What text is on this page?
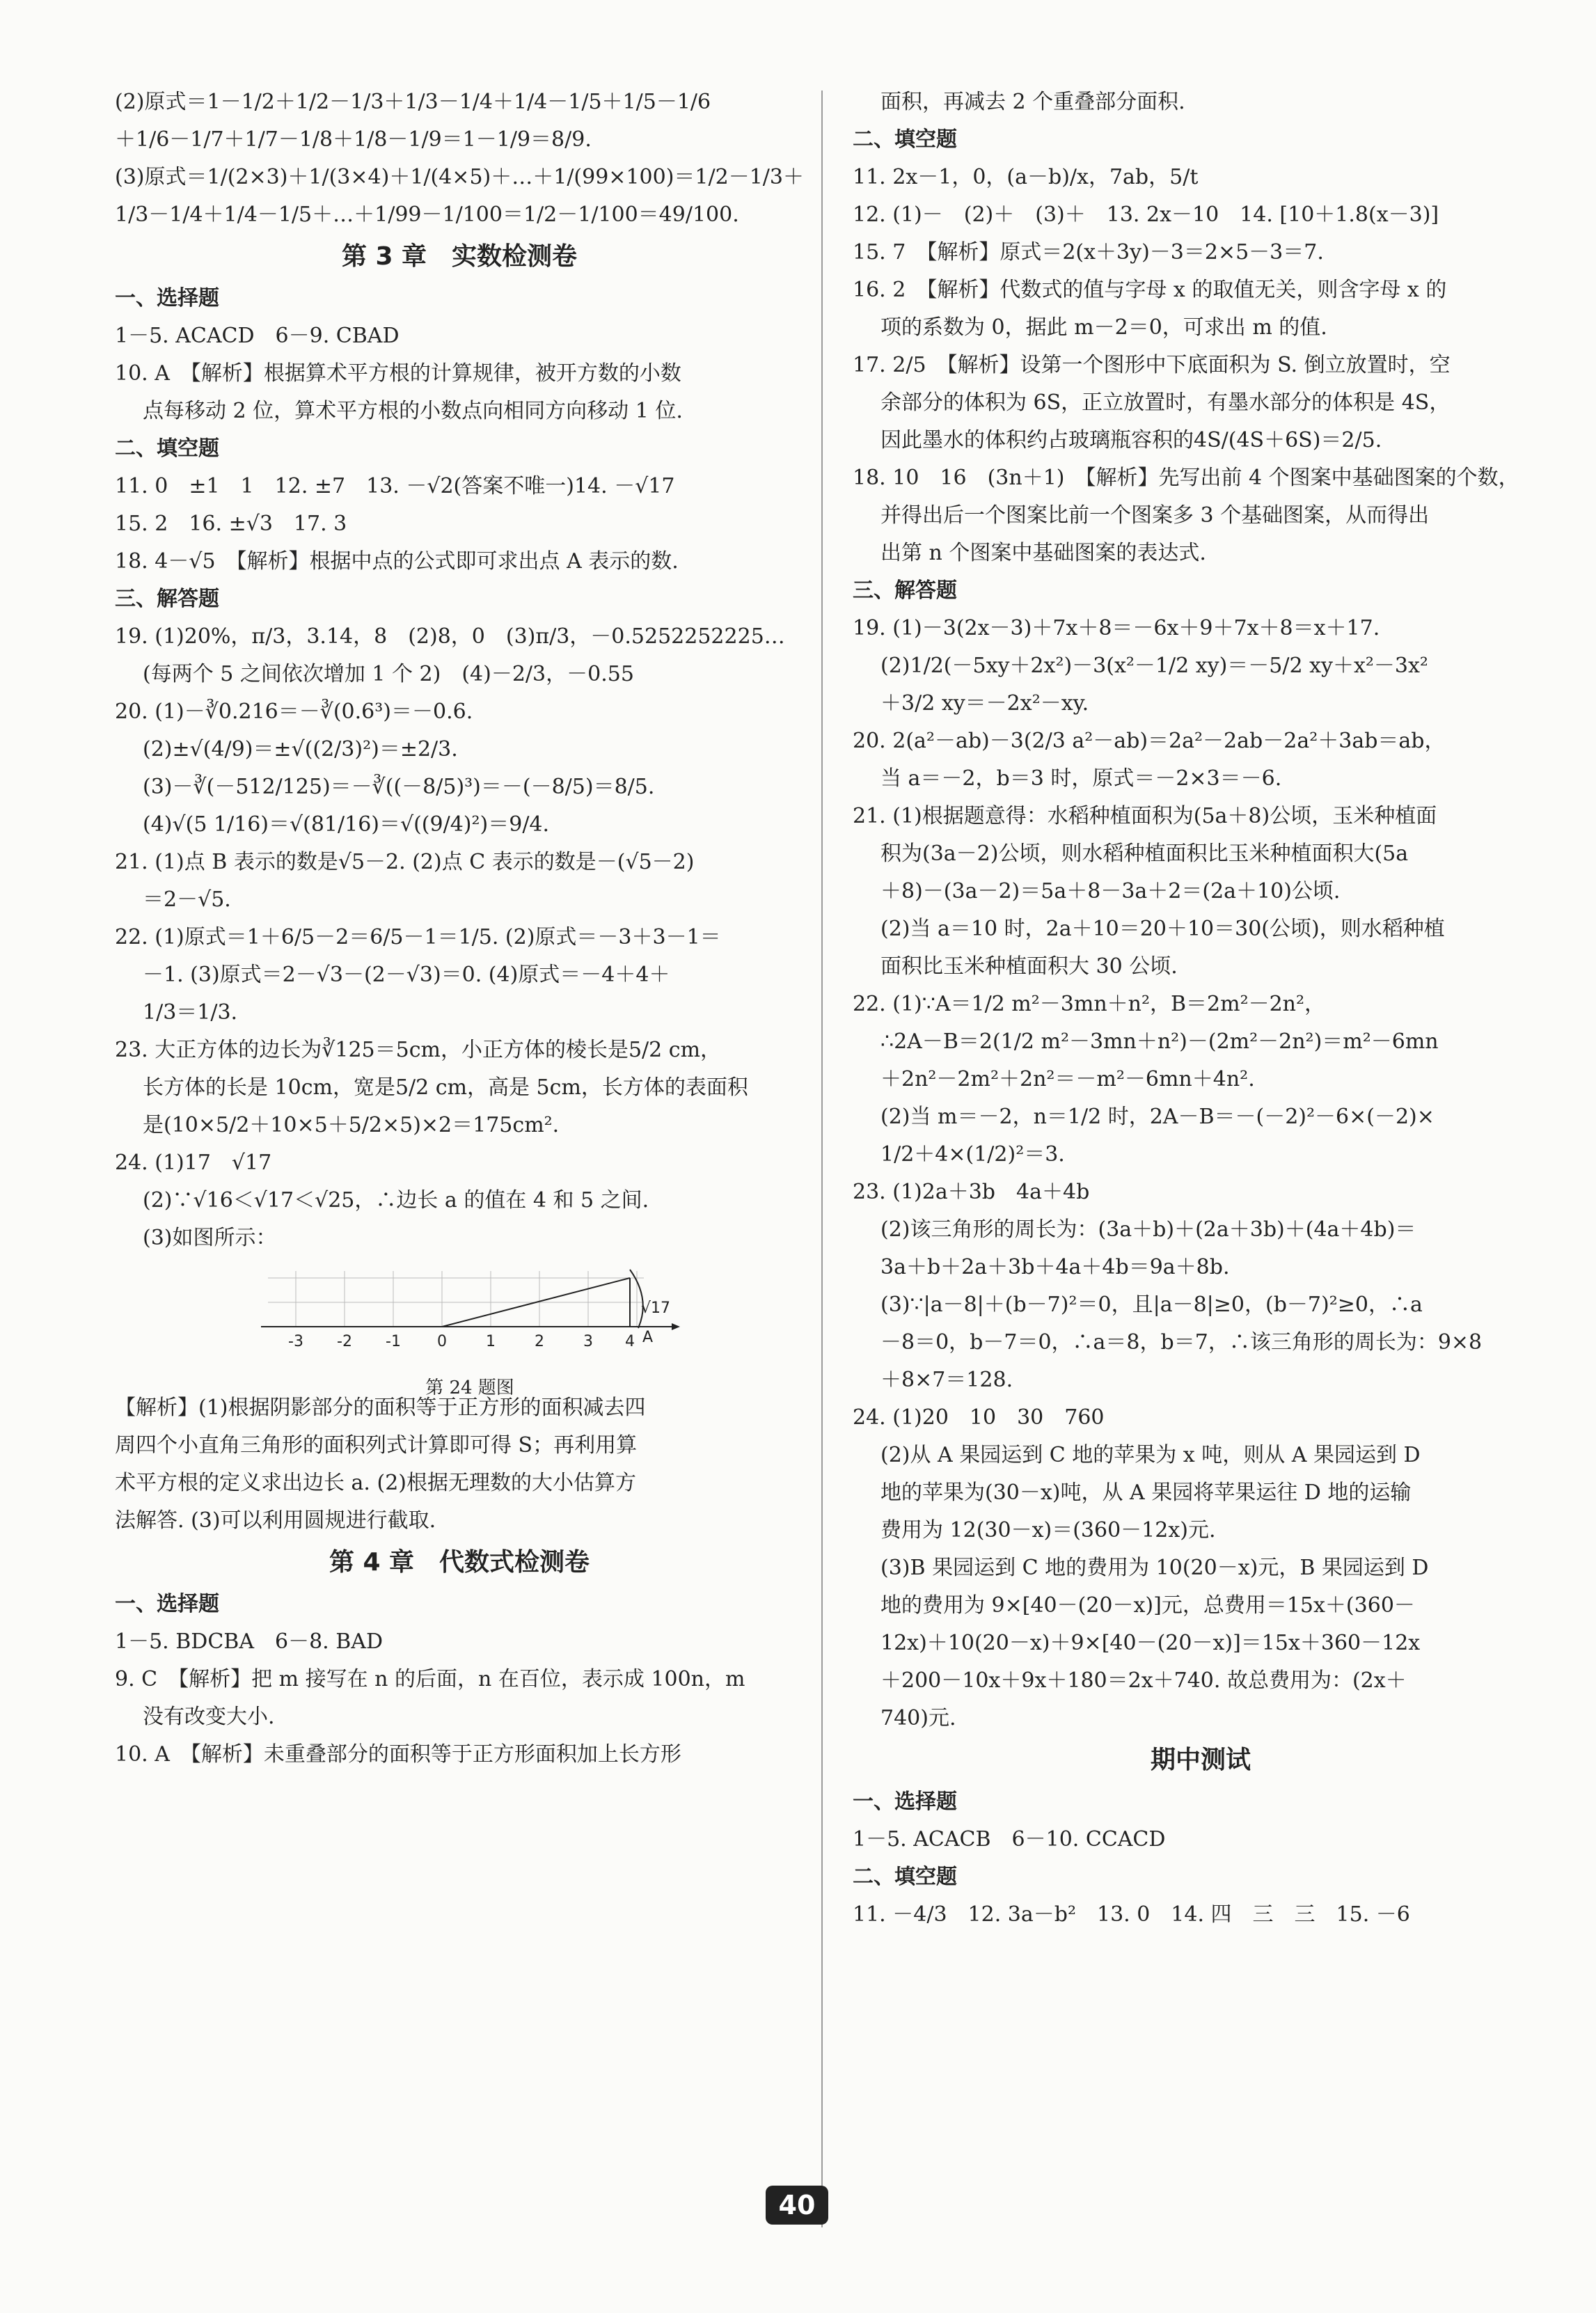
(2)原式＝1－1/2＋1/2－1/3＋1/3－1/4＋1/4－1/5＋1/5－1/6
＋1/6－1/7＋1/7－1/8＋1/8－1/9＝1－1/9＝8/9.
(3)原式＝1/(2×3)＋1/(3×4)＋1/(4×5)＋…＋1/(99×100)＝1/2－1/3＋
1/3－1/4＋1/4－1/5＋…＋1/99－1/100＝1/2－1/100＝49/100.
第 3 章　实数检测卷
一、选择题
1－5. ACACD　6－9. CBAD
10. A　【解析】根据算术平方根的计算规律，被开方数的小数
点每移动 2 位，算术平方根的小数点向相同方向移动 1 位.
二、填空题
11. 0　±1　1　12. ±7　13. －√2(答案不唯一)14. －√17
15. 2　16. ±√3　17. 3
18. 4－√5　【解析】根据中点的公式即可求出点 A 表示的数.
三、解答题
19. (1)20%，π/3，3.14，8　(2)8，0　(3)π/3，－0.5252252225…
(每两个 5 之间依次增加 1 个 2)　(4)－2/3，－0.55
20. (1)－∛0.216＝－∛(0.6³)＝－0.6.
(2)±√(4/9)＝±√((2/3)²)＝±2/3.
(3)－∛(－512/125)＝－∛((－8/5)³)＝－(－8/5)＝8/5.
(4)√(5 1/16)＝√(81/16)＝√((9/4)²)＝9/4.
21. (1)点 B 表示的数是√5－2. (2)点 C 表示的数是－(√5－2)
＝2－√5.
22. (1)原式＝1＋6/5－2＝6/5－1＝1/5. (2)原式＝－3＋3－1＝
－1. (3)原式＝2－√3－(2－√3)＝0. (4)原式＝－4＋4＋
1/3＝1/3.
23. 大正方体的边长为∛125＝5cm，小正方体的棱长是5/2 cm，
长方体的长是 10cm，宽是5/2 cm，高是 5cm，长方体的表面积
是(10×5/2＋10×5＋5/2×5)×2＝175cm².
24. (1)17　√17
(2)∵√16＜√17＜√25，∴边长 a 的值在 4 和 5 之间.
(3)如图所示：
-3 -2 -1 0	1	2	3 4 A
√17
第 24 题图
【解析】(1)根据阴影部分的面积等于正方形的面积减去四
周四个小直角三角形的面积列式计算即可得 S；再利用算
术平方根的定义求出边长 a. (2)根据无理数的大小估算方
法解答. (3)可以利用圆规进行截取.
第 4 章　代数式检测卷
一、选择题
1－5. BDCBA　6－8. BAD
9. C　【解析】把 m 接写在 n 的后面，n 在百位，表示成 100n，m
没有改变大小.
10. A　【解析】未重叠部分的面积等于正方形面积加上长方形
面积，再减去 2 个重叠部分面积.
二、填空题
11. 2x－1，0，(a－b)/x，7ab，5/t
12. (1)－　(2)＋　(3)＋　13. 2x－10　14. [10＋1.8(x－3)]
15. 7　【解析】原式＝2(x＋3y)－3＝2×5－3＝7.
16. 2　【解析】代数式的值与字母 x 的取值无关，则含字母 x 的
项的系数为 0，据此 m－2＝0，可求出 m 的值.
17. 2/5　【解析】设第一个图形中下底面积为 S. 倒立放置时，空
余部分的体积为 6S，正立放置时，有墨水部分的体积是 4S，
因此墨水的体积约占玻璃瓶容积的4S/(4S＋6S)＝2/5.
18. 10　16　(3n＋1)　【解析】先写出前 4 个图案中基础图案的个数，
并得出后一个图案比前一个图案多 3 个基础图案，从而得出
出第 n 个图案中基础图案的表达式.
三、解答题
19. (1)－3(2x－3)＋7x＋8＝－6x＋9＋7x＋8＝x＋17.
(2)1/2(－5xy＋2x²)－3(x²－1/2 xy)＝－5/2 xy＋x²－3x²
＋3/2 xy＝－2x²－xy.
20. 2(a²－ab)－3(2/3 a²－ab)＝2a²－2ab－2a²＋3ab＝ab，
当 a＝－2，b＝3 时，原式＝－2×3＝－6.
21. (1)根据题意得：水稻种植面积为(5a＋8)公顷，玉米种植面
积为(3a－2)公顷，则水稻种植面积比玉米种植面积大(5a
＋8)－(3a－2)＝5a＋8－3a＋2＝(2a＋10)公顷.
(2)当 a＝10 时，2a＋10＝20＋10＝30(公顷)，则水稻种植
面积比玉米种植面积大 30 公顷.
22. (1)∵A＝1/2 m²－3mn＋n²，B＝2m²－2n²，
∴2A－B＝2(1/2 m²－3mn＋n²)－(2m²－2n²)＝m²－6mn
＋2n²－2m²＋2n²＝－m²－6mn＋4n².
(2)当 m＝－2，n＝1/2 时，2A－B＝－(－2)²－6×(－2)×
1/2＋4×(1/2)²＝3.
23. (1)2a＋3b　4a＋4b
(2)该三角形的周长为：(3a＋b)＋(2a＋3b)＋(4a＋4b)＝
3a＋b＋2a＋3b＋4a＋4b＝9a＋8b.
(3)∵|a－8|＋(b－7)²＝0，且|a－8|≥0，(b－7)²≥0，∴a
－8＝0，b－7＝0，∴a＝8，b＝7，∴该三角形的周长为：9×8
＋8×7＝128.
24. (1)20　10　30　760
(2)从 A 果园运到 C 地的苹果为 x 吨，则从 A 果园运到 D
地的苹果为(30－x)吨，从 A 果园将苹果运往 D 地的运输
费用为 12(30－x)＝(360－12x)元.
(3)B 果园运到 C 地的费用为 10(20－x)元，B 果园运到 D
地的费用为 9×[40－(20－x)]元，总费用＝15x＋(360－
12x)＋10(20－x)＋9×[40－(20－x)]＝15x＋360－12x
＋200－10x＋9x＋180＝2x＋740. 故总费用为：(2x＋
740)元.
期中测试
一、选择题
1－5. ACACB　6－10. CCACD
二、填空题
11. －4/3　12. 3a－b²　13. 0　14. 四　三　三　15. －6
40
